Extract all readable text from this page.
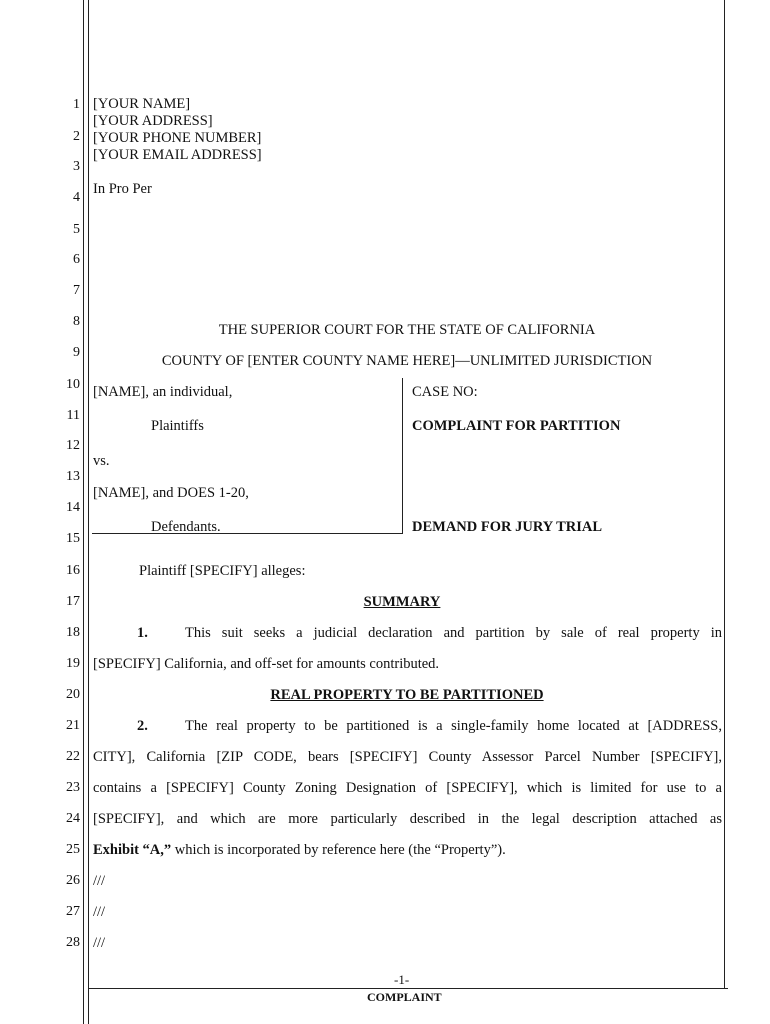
1
2
3
4
5
6
7
8
9
10
11
12
13
14
15
16
17
18
19
20
21
22
23
24
25
26
27
28
[YOUR NAME]
[YOUR ADDRESS]
[YOUR PHONE NUMBER]
[YOUR EMAIL ADDRESS]
In Pro Per
THE SUPERIOR COURT FOR THE STATE OF CALIFORNIA
COUNTY OF [ENTER COUNTY NAME HERE]—UNLIMITED JURISDICTION
[NAME], an individual,
Plaintiffs
vs.
[NAME], and DOES 1-20,
Defendants.
CASE NO:
COMPLAINT FOR PARTITION
DEMAND FOR JURY TRIAL
Plaintiff [SPECIFY] alleges:
SUMMARY
1.	This suit seeks a judicial declaration and partition by sale of real property in
[SPECIFY] California, and off-set for amounts contributed.
REAL PROPERTY TO BE PARTITIONED
2.	The real property to be partitioned is a single-family home located at [ADDRESS,
CITY], California [ZIP CODE, bears [SPECIFY] County Assessor Parcel Number [SPECIFY],
contains a [SPECIFY] County Zoning Designation of [SPECIFY], which is limited for use to a
[SPECIFY], and which are more particularly described in the legal description attached as
Exhibit “A,” which is incorporated by reference here (the “Property”).
///
///
///
-1-
COMPLAINT
